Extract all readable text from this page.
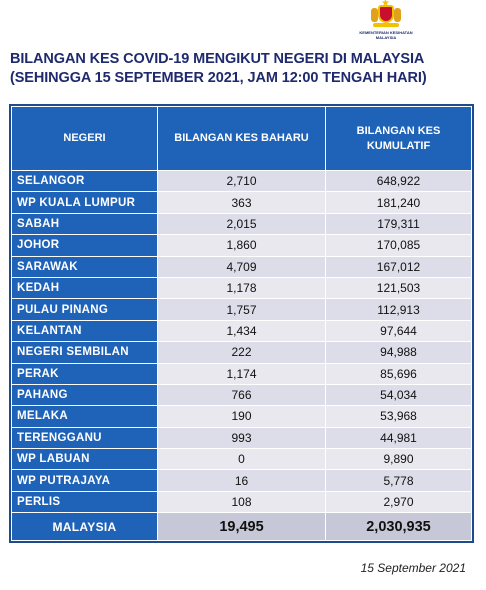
KEMENTERIAN KESIHATAN MALAYSIA
BILANGAN KES COVID-19 MENGIKUT NEGERI DI MALAYSIA
(SEHINGGA 15 SEPTEMBER 2021, JAM 12:00 TENGAH HARI)
NEGERI	BILANGAN KES BAHARU	BILANGAN KES KUMULATIF
SELANGOR	2,710	648,922
WP KUALA LUMPUR	363	181,240
SABAH	2,015	179,311
JOHOR	1,860	170,085
SARAWAK	4,709	167,012
KEDAH	1,178	121,503
PULAU PINANG	1,757	112,913
KELANTAN	1,434	97,644
NEGERI SEMBILAN	222	94,988
PERAK	1,174	85,696
PAHANG	766	54,034
MELAKA	190	53,968
TERENGGANU	993	44,981
WP LABUAN	0	9,890
WP PUTRAJAYA	16	5,778
PERLIS	108	2,970
MALAYSIA	19,495	2,030,935
15 September 2021
